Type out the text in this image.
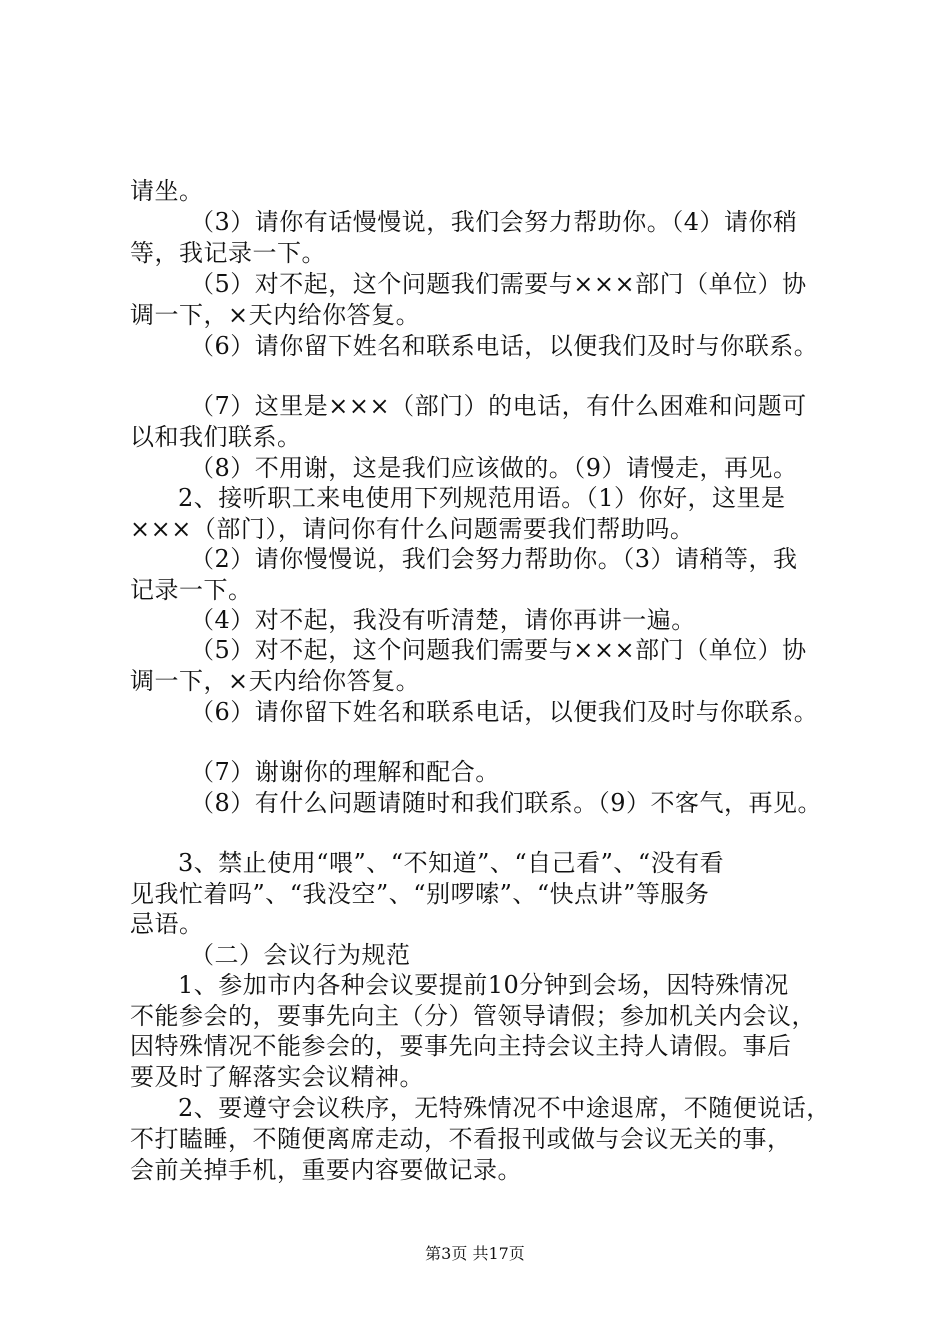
请坐。
（3）请你有话慢慢说，我们会努力帮助你。（4）请你稍
等，我记录一下。
（5）对不起，这个问题我们需要与×××部门（单位）协
调一下，×天内给你答复。
（6）请你留下姓名和联系电话，以便我们及时与你联系。
（7）这里是×××（部门）的电话，有什么困难和问题可
以和我们联系。
（8）不用谢，这是我们应该做的。（9）请慢走，再见。
2、接听职工来电使用下列规范用语。（1）你好，这里是
×××（部门），请问你有什么问题需要我们帮助吗。
（2）请你慢慢说，我们会努力帮助你。（3）请稍等，我
记录一下。
（4）对不起，我没有听清楚，请你再讲一遍。
（5）对不起，这个问题我们需要与×××部门（单位）协
调一下，×天内给你答复。
（6）请你留下姓名和联系电话，以便我们及时与你联系。
（7）谢谢你的理解和配合。
（8）有什么问题请随时和我们联系。（9）不客气，再见。
3、禁止使用“喂”、“不知道”、“自己看”、“没有看
见我忙着吗”、“我没空”、“别啰嗦”、“快点讲”等服务
忌语。
（二）会议行为规范
1、参加市内各种会议要提前10分钟到会场，因特殊情况
不能参会的，要事先向主（分）管领导请假；参加机关内会议，
因特殊情况不能参会的，要事先向主持会议主持人请假。事后
要及时了解落实会议精神。
2、要遵守会议秩序，无特殊情况不中途退席，不随便说话，
不打瞌睡，不随便离席走动，不看报刊或做与会议无关的事，
会前关掉手机，重要内容要做记录。
第3页 共17页
